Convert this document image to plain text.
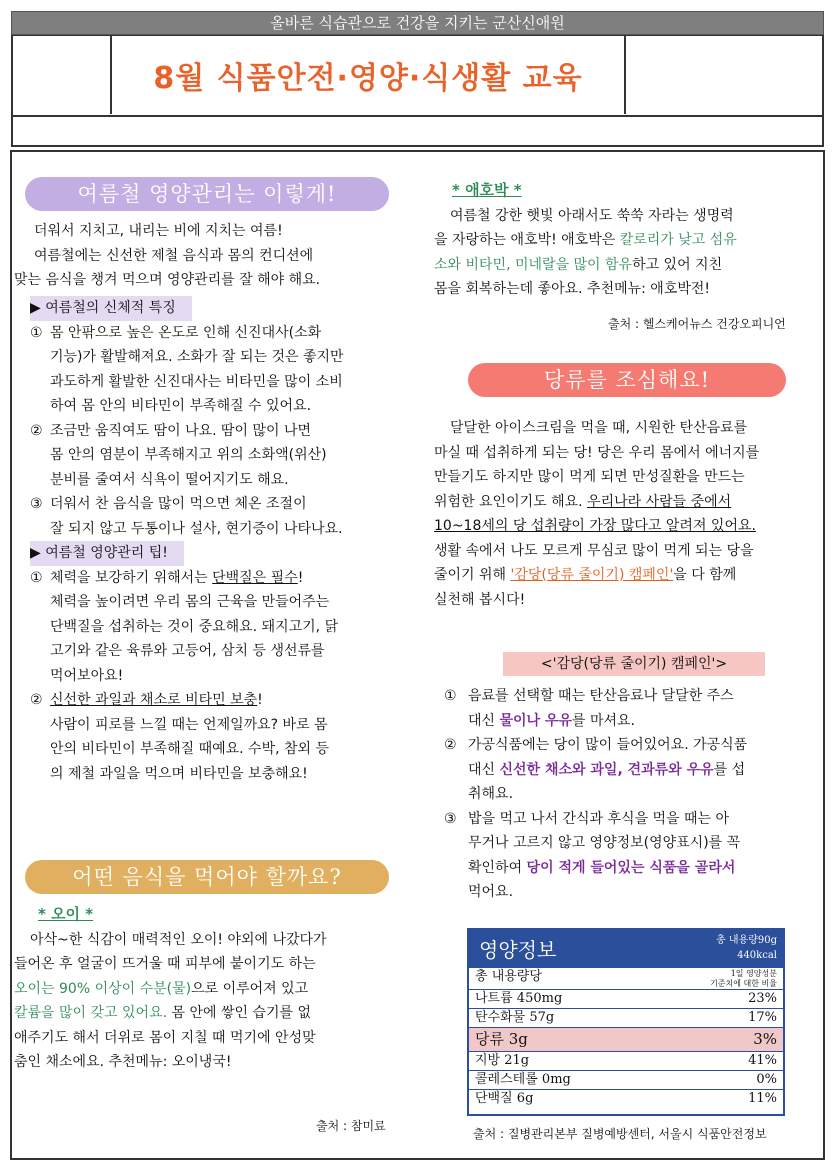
올바른 식습관으로 건강을 지키는 군산신애원
8월 식품안전·영양·식생활 교육
여름철 영양관리는 이렇게!

더워서 지치고, 내리는 비에 지치는 여름!

여름철에는 신선한 제철 음식과 몸의 컨디션에

맞는 음식을 챙겨 먹으며 영양관리를 잘 해야 해요.

▶ 여름철의 신체적 특징

① 몸 안팎으로 높은 온도로 인해 신진대사(소화

기능)가 활발해져요. 소화가 잘 되는 것은 좋지만

과도하게 활발한 신진대사는 비타민을 많이 소비

하여 몸 안의 비타민이 부족해질 수 있어요.

② 조금만 움직여도 땀이 나요. 땀이 많이 나면

몸 안의 염분이 부족해지고 위의 소화액(위산)

분비를 줄여서 식욕이 떨어지기도 해요.

③ 더워서 찬 음식을 많이 먹으면 체온 조절이

잘 되지 않고 두통이나 설사, 현기증이 나타나요.

▶ 여름철 영양관리 팁!

① 체력을 보강하기 위해서는 단백질은 필수!

체력을 높이려면 우리 몸의 근육을 만들어주는

단백질을 섭취하는 것이 중요해요. 돼지고기, 닭

고기와 같은 육류와 고등어, 삼치 등 생선류를

먹어보아요!

② 신선한 과일과 채소로 비타민 보충!

사람이 피로를 느낄 때는 언제일까요? 바로 몸

안의 비타민이 부족해질 때예요. 수박, 참외 등

의 제철 과일을 먹으며 비타민을 보충해요!

어떤 음식을 먹어야 할까요?

* 오이 *

아삭~한 식감이 매력적인 오이! 야외에 나갔다가

들어온 후 얼굴이 뜨거울 때 피부에 붙이기도 하는

오이는 90% 이상이 수분(물)으로 이루어져 있고

칼륨을 많이 갖고 있어요. 몸 안에 쌓인 습기를 없

애주기도 해서 더위로 몸이 지칠 때 먹기에 안성맞

춤인 채소에요. 추천메뉴: 오이냉국!

출처 : 참미료

* 애호박 *

여름철 강한 햇빛 아래서도 쑥쑥 자라는 생명력

을 자랑하는 애호박! 애호박은 칼로리가 낮고 섬유

소와 비타민, 미네랄을 많이 함유하고 있어 지친

몸을 회복하는데 좋아요. 추천메뉴: 애호박전!

출처 : 헬스케어뉴스 건강오피니언
당류를 조심해요!

달달한 아이스크림을 먹을 때, 시원한 탄산음료를

마실 때 섭취하게 되는 당! 당은 우리 몸에서 에너지를

만들기도 하지만 많이 먹게 되면 만성질환을 만드는

위험한 요인이기도 해요. 우리나라 사람들 중에서

10~18세의 당 섭취량이 가장 많다고 알려져 있어요.

생활 속에서 나도 모르게 무심코 많이 먹게 되는 당을

줄이기 위해 '감당(당류 줄이기) 캠페인'을 다 함께

실천해 봅시다!

<'감당(당류 줄이기) 캠페인'>
① 음료를 선택할 때는 탄산음료나 달달한 주스

대신 물이나 우유를 마셔요.

② 가공식품에는 당이 많이 들어있어요. 가공식품

대신 신선한 채소와 과일, 견과류와 우유를 섭

취해요.

③ 밥을 먹고 나서 간식과 후식을 먹을 때는 아

무거나 고르지 않고 영양정보(영양표시)를 꼭

확인하여 당이 적게 들어있는 식품을 골라서

먹어요.

영양정보	총 내용량90g
440kcal
총 내용량당	1일 영양성분
기준치에 대한 비율
나트륨 450mg	23%
탄수화물 57g	17%
당류 3g	3%
지방 21g	41%
콜레스테롤 0mg	0%
단백질 6g	11%
출처 : 질병관리본부 질병예방센터, 서울시 식품안전정보
